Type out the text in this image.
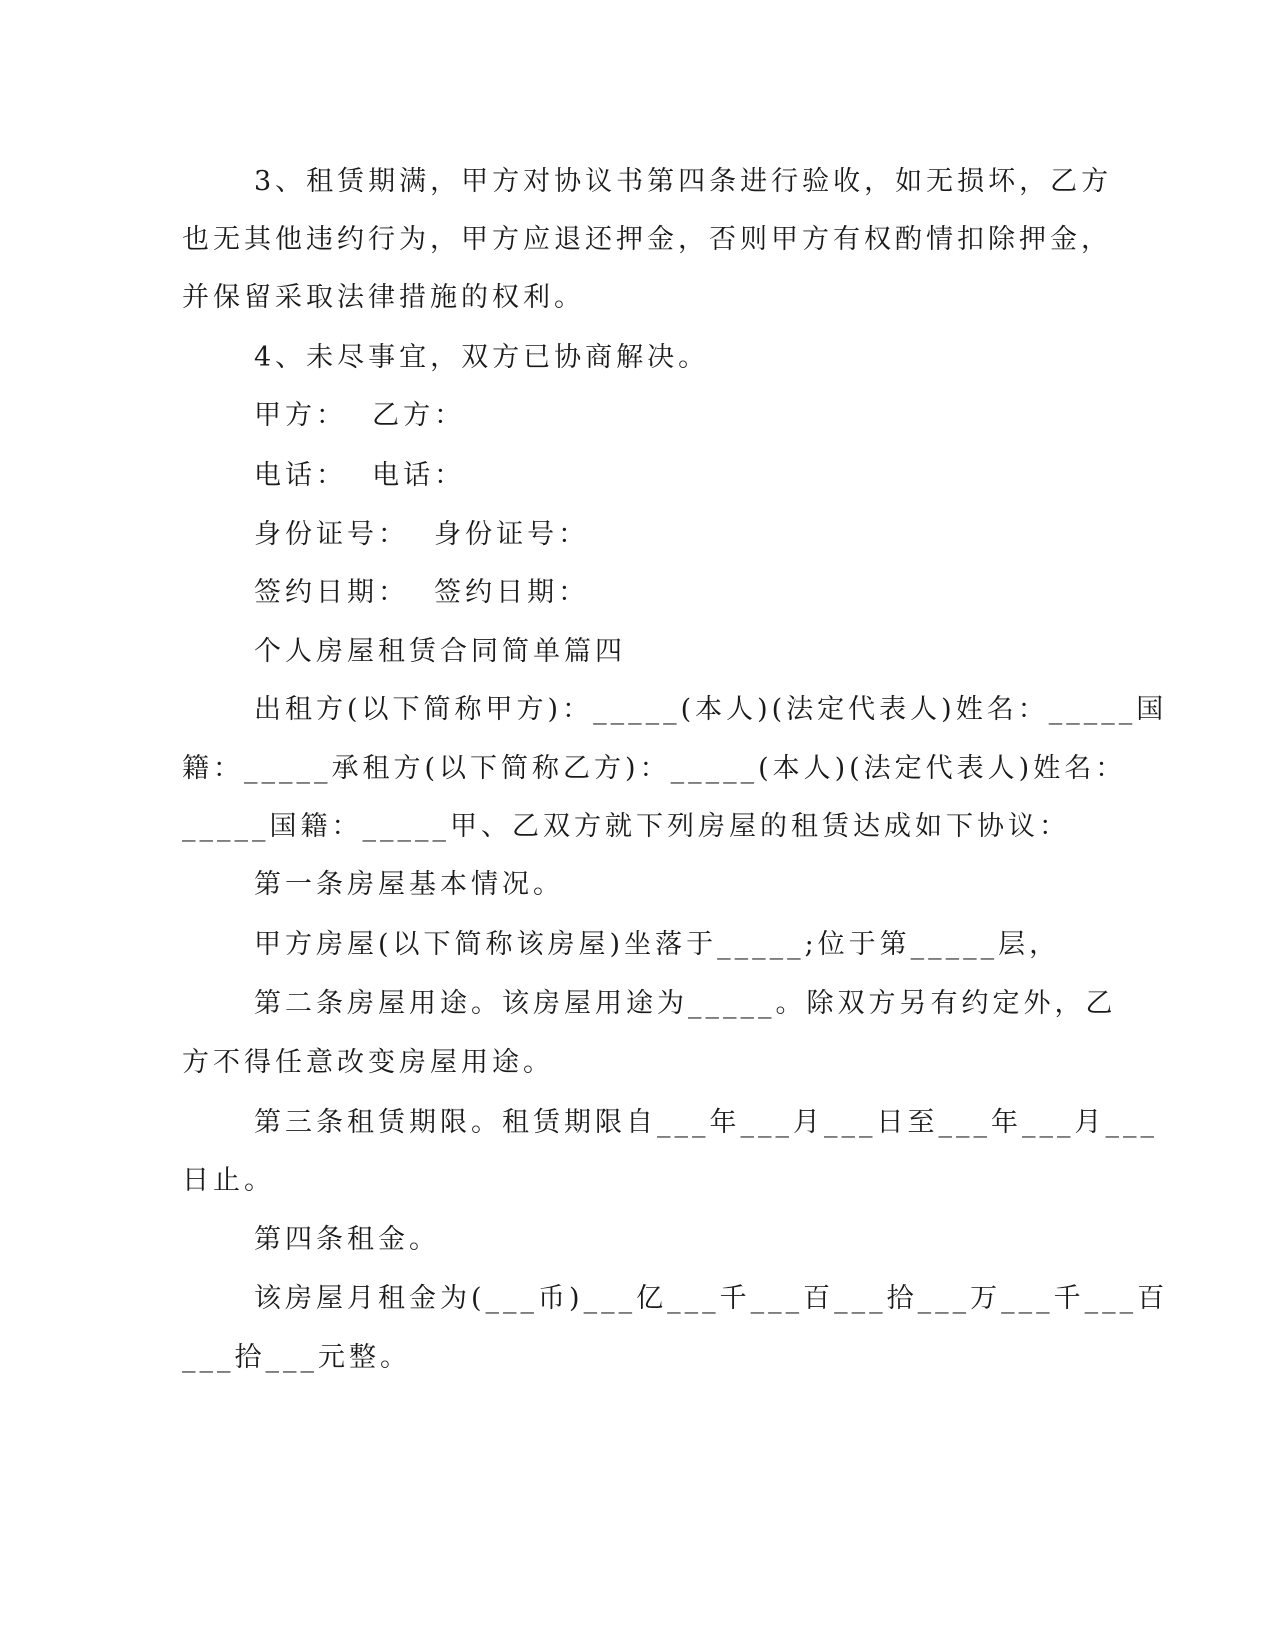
3、租赁期满，甲方对协议书第四条进行验收，如无损坏，乙方
也无其他违约行为，甲方应退还押金，否则甲方有权酌情扣除押金，
并保留采取法律措施的权利。
4、未尽事宜，双方已协商解决。
甲方：  乙方：
电话：  电话：
身份证号：  身份证号：
签约日期：  签约日期：
个人房屋租赁合同简单篇四
出租方(以下简称甲方)：_____(本人)(法定代表人)姓名：_____国
籍：_____承租方(以下简称乙方)：_____(本人)(法定代表人)姓名：
_____国籍：_____甲、乙双方就下列房屋的租赁达成如下协议：
第一条房屋基本情况。
甲方房屋(以下简称该房屋)坐落于_____;位于第_____层，
第二条房屋用途。该房屋用途为_____。除双方另有约定外，乙
方不得任意改变房屋用途。
第三条租赁期限。租赁期限自___年___月___日至___年___月___
日止。
第四条租金。
该房屋月租金为(___币)___亿___千___百___拾___万___千___百
___拾___元整。
